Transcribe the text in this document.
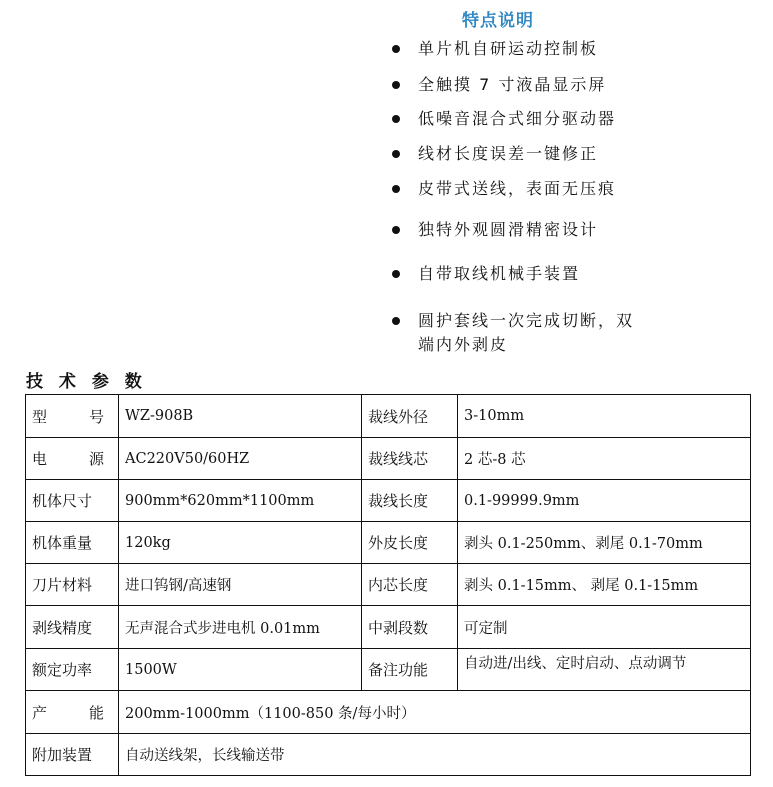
特点说明
单片机自研运动控制板
全触摸 7 寸液晶显示屏
低噪音混合式细分驱动器
线材长度误差一键修正
皮带式送线，表面无压痕
独特外观圆滑精密设计
自带取线机械手装置
圆护套线一次完成切断，双
端内外剥皮
技 术 参 数
型 号	WZ-908B	裁线外径	3-10mm

电 源	AC220V50/60HZ	裁线线芯	2 芯-8 芯
机体尺寸	900mm*620mm*1100mm	裁线长度	0.1-99999.9mm
机体重量	120kg	外皮长度	剥头 0.1-250mm、剥尾 0.1-70mm
刀片材料	进口钨钢/高速钢	内芯长度	剥头 0.1-15mm、 剥尾 0.1-15mm
剥线精度	无声混合式步进电机 0.01mm	中剥段数	可定制
额定功率	1500W	备注功能	自动进/出线、定时启动、点动调节

产 能	200mm-1000mm（1100-850 条/每小时）		
附加装置	自动送线架，长线输送带		
